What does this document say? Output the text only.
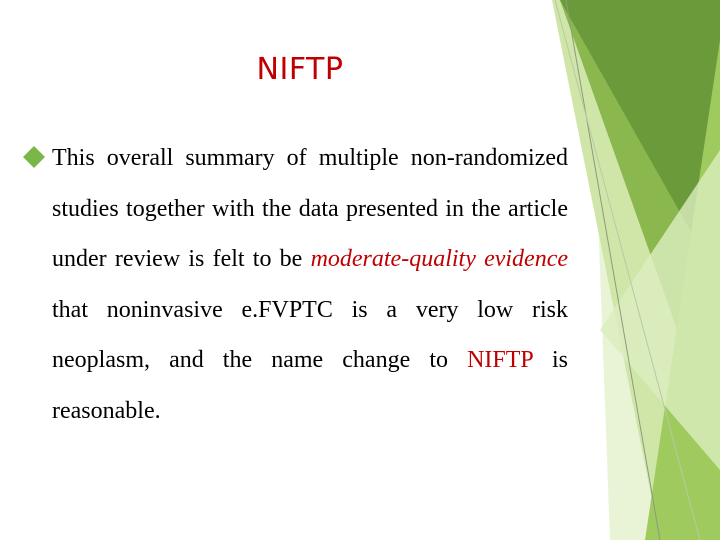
NIFTP
This overall summary of multiple non-randomized studies together with the data presented in the article under review is felt to be moderate-quality evidence that noninvasive e.FVPTC is a very low risk neoplasm, and the name change to NIFTP is reasonable.
